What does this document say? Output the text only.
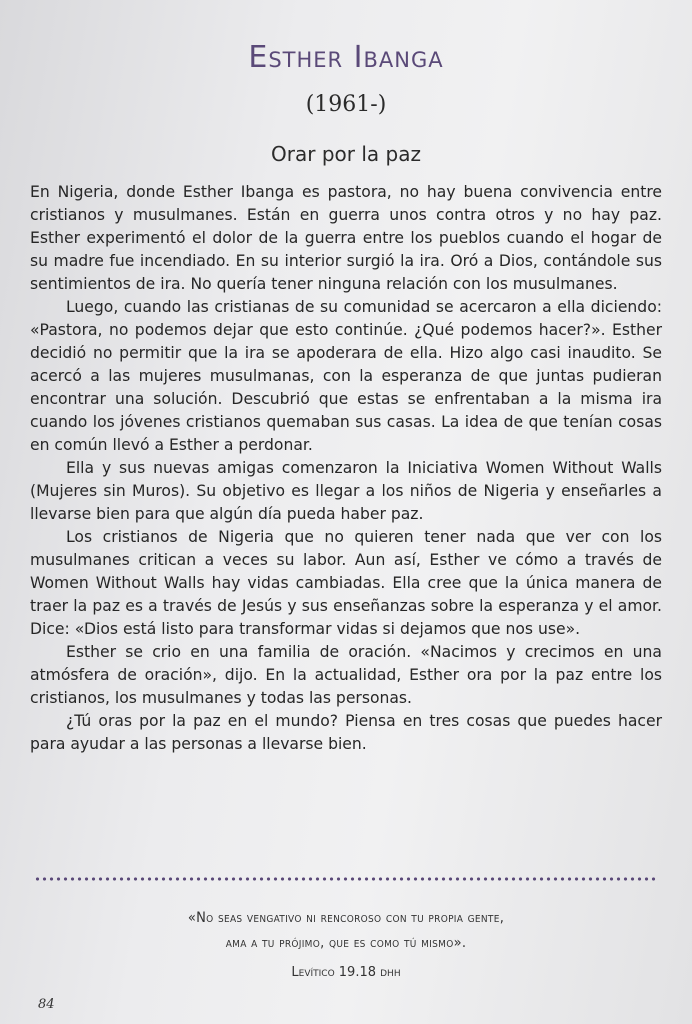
Esther Ibanga
(1961-)
Orar por la paz

En Nigeria, donde Esther Ibanga es pastora, no hay buena convivencia entre cristianos y musulmanes. Están en guerra unos contra otros y no hay paz. Esther experimentó el dolor de la guerra entre los pueblos cuando el hogar de su madre fue incendiado. En su interior surgió la ira. Oró a Dios, contándole sus sentimientos de ira. No quería tener ninguna relación con los musulmanes.

Luego, cuando las cristianas de su comunidad se acercaron a ella diciendo: «Pastora, no podemos dejar que esto continúe. ¿Qué podemos hacer?». Esther decidió no permitir que la ira se apoderara de ella. Hizo algo casi inaudito. Se acercó a las mujeres musulmanas, con la esperanza de que juntas pudieran encontrar una solución. Descubrió que estas se enfrentaban a la misma ira cuando los jóvenes cristianos quemaban sus casas. La idea de que tenían cosas en común llevó a Esther a perdonar.

Ella y sus nuevas amigas comenzaron la Iniciativa Women Without Walls (Mujeres sin Muros). Su objetivo es llegar a los niños de Nigeria y enseñarles a llevarse bien para que algún día pueda haber paz.

Los cristianos de Nigeria que no quieren tener nada que ver con los musulmanes critican a veces su labor. Aun así, Esther ve cómo a través de Women Without Walls hay vidas cambiadas. Ella cree que la única manera de traer la paz es a través de Jesús y sus enseñanzas sobre la esperanza y el amor. Dice: «Dios está listo para transformar vidas si dejamos que nos use».

Esther se crio en una familia de oración. «Nacimos y crecimos en una atmósfera de oración», dijo. En la actualidad, Esther ora por la paz entre los cristianos, los musulmanes y todas las personas.

¿Tú oras por la paz en el mundo? Piensa en tres cosas que puedes hacer para ayudar a las personas a llevarse bien.

«No seas vengativo ni rencoroso con tu propia gente,
ama a tu prójimo, que es como tú mismo».
Levítico 19.18 dhh
84
